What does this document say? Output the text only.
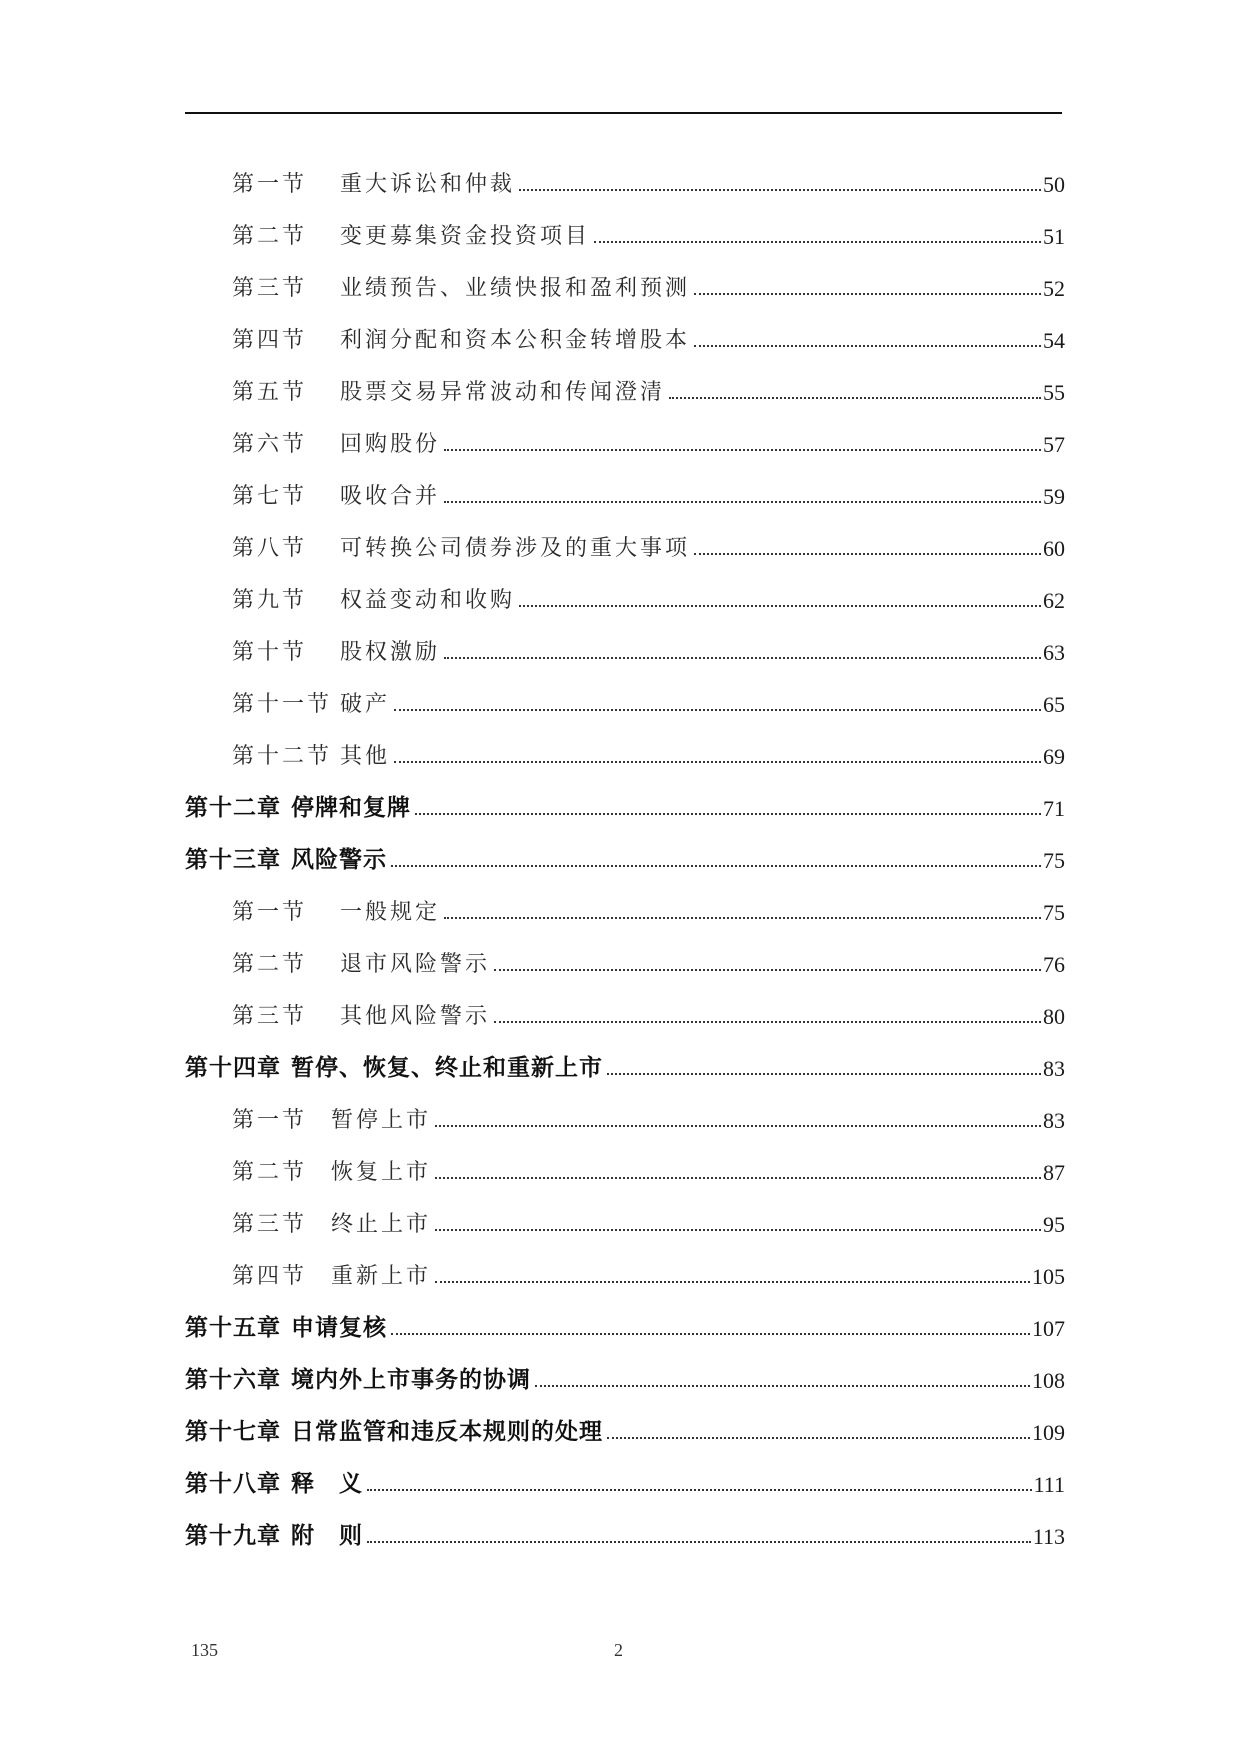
第一节	重大诉讼和仲裁	50
第二节	变更募集资金投资项目	51
第三节	业绩预告、业绩快报和盈利预测	52
第四节	利润分配和资本公积金转增股本	54
第五节	股票交易异常波动和传闻澄清	55
第六节	回购股份	57
第七节	吸收合并	59
第八节	可转换公司债券涉及的重大事项	60
第九节	权益变动和收购	62
第十节	股权激励	63
第十一节 破产	65
第十二节 其他	69
第十二章 停牌和复牌	71
第十三章 风险警示	75
第一节	一般规定	75
第二节	退市风险警示	76
第三节	其他风险警示	80
第十四章 暂停、恢复、终止和重新上市	83
第一节	暂停上市	83
第二节	恢复上市	87
第三节	终止上市	95
第四节	重新上市	105
第十五章 申请复核	107
第十六章 境内外上市事务的协调	108
第十七章 日常监管和违反本规则的处理	109
第十八章 释　义	111
第十九章 附　则	113
135	2
